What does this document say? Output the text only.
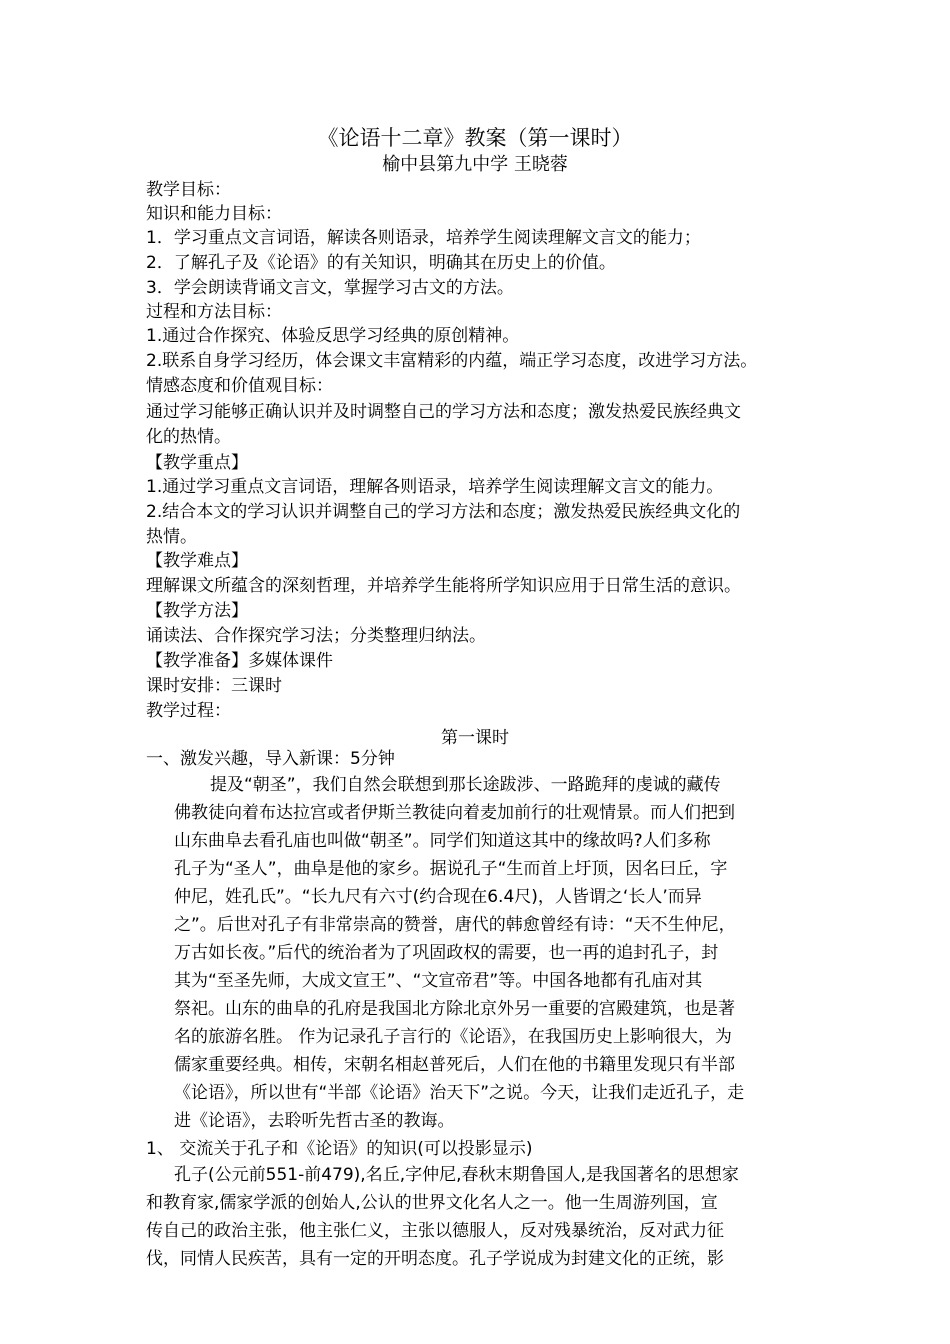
《论语十二章》教案（第一课时）
榆中县第九中学 王晓蓉
教学目标：
知识和能力目标：
1．学习重点文言词语，解读各则语录，培养学生阅读理解文言文的能力；
2．了解孔子及《论语》的有关知识，明确其在历史上的价值。
3．学会朗读背诵文言文，掌握学习古文的方法。
过程和方法目标：
1.通过合作探究、体验反思学习经典的原创精神。
2.联系自身学习经历，体会课文丰富精彩的内蕴，端正学习态度，改进学习方法。
情感态度和价值观目标：
通过学习能够正确认识并及时调整自己的学习方法和态度；激发热爱民族经典文
化的热情。
【教学重点】
1.通过学习重点文言词语，理解各则语录，培养学生阅读理解文言文的能力。
2.结合本文的学习认识并调整自己的学习方法和态度；激发热爱民族经典文化的
热情。
【教学难点】
理解课文所蕴含的深刻哲理，并培养学生能将所学知识应用于日常生活的意识。
【教学方法】
诵读法、合作探究学习法；分类整理归纳法。
【教学准备】多媒体课件
课时安排：三课时
教学过程：
第一课时
一、激发兴趣，导入新课：5分钟
提及“朝圣”，我们自然会联想到那长途跋涉、一路跪拜的虔诚的藏传
佛教徒向着布达拉宫或者伊斯兰教徒向着麦加前行的壮观情景。而人们把到
山东曲阜去看孔庙也叫做“朝圣”。同学们知道这其中的缘故吗?人们多称
孔子为“圣人”，曲阜是他的家乡。据说孔子“生而首上圩顶，因名曰丘，字
仲尼，姓孔氏”。“长九尺有六寸(约合现在6.4尺)，人皆谓之‘长人’而异
之”。后世对孔子有非常崇高的赞誉，唐代的韩愈曾经有诗：“天不生仲尼，
万古如长夜。”后代的统治者为了巩固政权的需要，也一再的追封孔子，封
其为“至圣先师，大成文宣王”、“文宣帝君”等。中国各地都有孔庙对其
祭祀。山东的曲阜的孔府是我国北方除北京外另一重要的宫殿建筑，也是著
名的旅游名胜。 作为记录孔子言行的《论语》，在我国历史上影响很大，为
儒家重要经典。相传，宋朝名相赵普死后，人们在他的书籍里发现只有半部
《论语》，所以世有“半部《论语》治天下”之说。今天，让我们走近孔子，走
进《论语》，去聆听先哲古圣的教诲。
1、 交流关于孔子和《论语》的知识(可以投影显示)
孔子(公元前551-前479),名丘,字仲尼,春秋末期鲁国人,是我国著名的思想家
和教育家,儒家学派的创始人,公认的世界文化名人之一。他一生周游列国，宣
传自己的政治主张，他主张仁义，主张以德服人，反对残暴统治，反对武力征
伐，同情人民疾苦，具有一定的开明态度。孔子学说成为封建文化的正统，影
